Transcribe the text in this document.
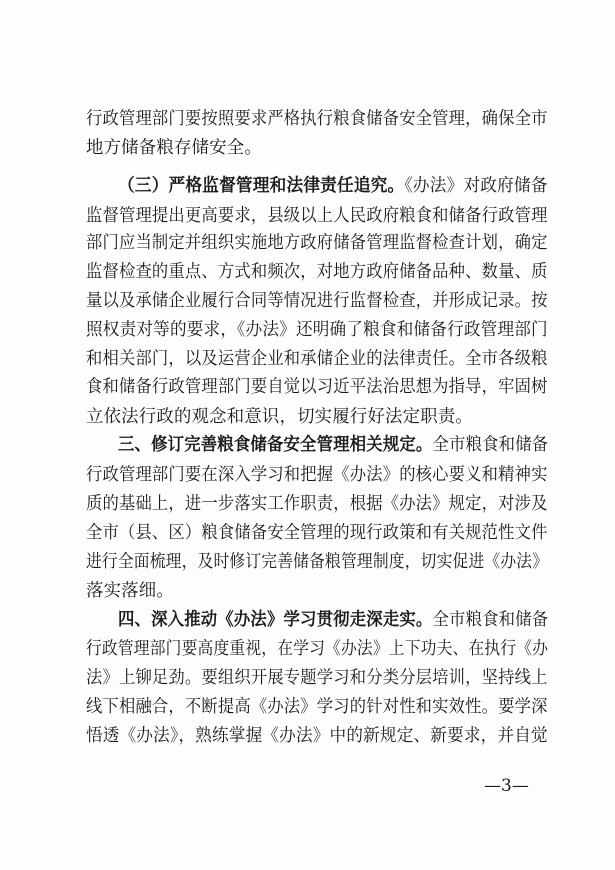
行政管理部门要按照要求严格执行粮食储备安全管理，确保全市
地方储备粮存储安全。
（三）严格监督管理和法律责任追究。《办法》对政府储备
监督管理提出更高要求，县级以上人民政府粮食和储备行政管理
部门应当制定并组织实施地方政府储备管理监督检查计划，确定
监督检查的重点、方式和频次，对地方政府储备品种、数量、质
量以及承储企业履行合同等情况进行监督检查，并形成记录。按
照权责对等的要求，《办法》还明确了粮食和储备行政管理部门
和相关部门，以及运营企业和承储企业的法律责任。全市各级粮
食和储备行政管理部门要自觉以习近平法治思想为指导，牢固树
立依法行政的观念和意识，切实履行好法定职责。
三、修订完善粮食储备安全管理相关规定。全市粮食和储备
行政管理部门要在深入学习和把握《办法》的核心要义和精神实
质的基础上，进一步落实工作职责，根据《办法》规定，对涉及
全市（县、区）粮食储备安全管理的现行政策和有关规范性文件
进行全面梳理，及时修订完善储备粮管理制度，切实促进《办法》
落实落细。
四、深入推动《办法》学习贯彻走深走实。全市粮食和储备
行政管理部门要高度重视，在学习《办法》上下功夫、在执行《办
法》上铆足劲。要组织开展专题学习和分类分层培训，坚持线上
线下相融合，不断提高《办法》学习的针对性和实效性。要学深
悟透《办法》，熟练掌握《办法》中的新规定、新要求，并自觉
—3—
